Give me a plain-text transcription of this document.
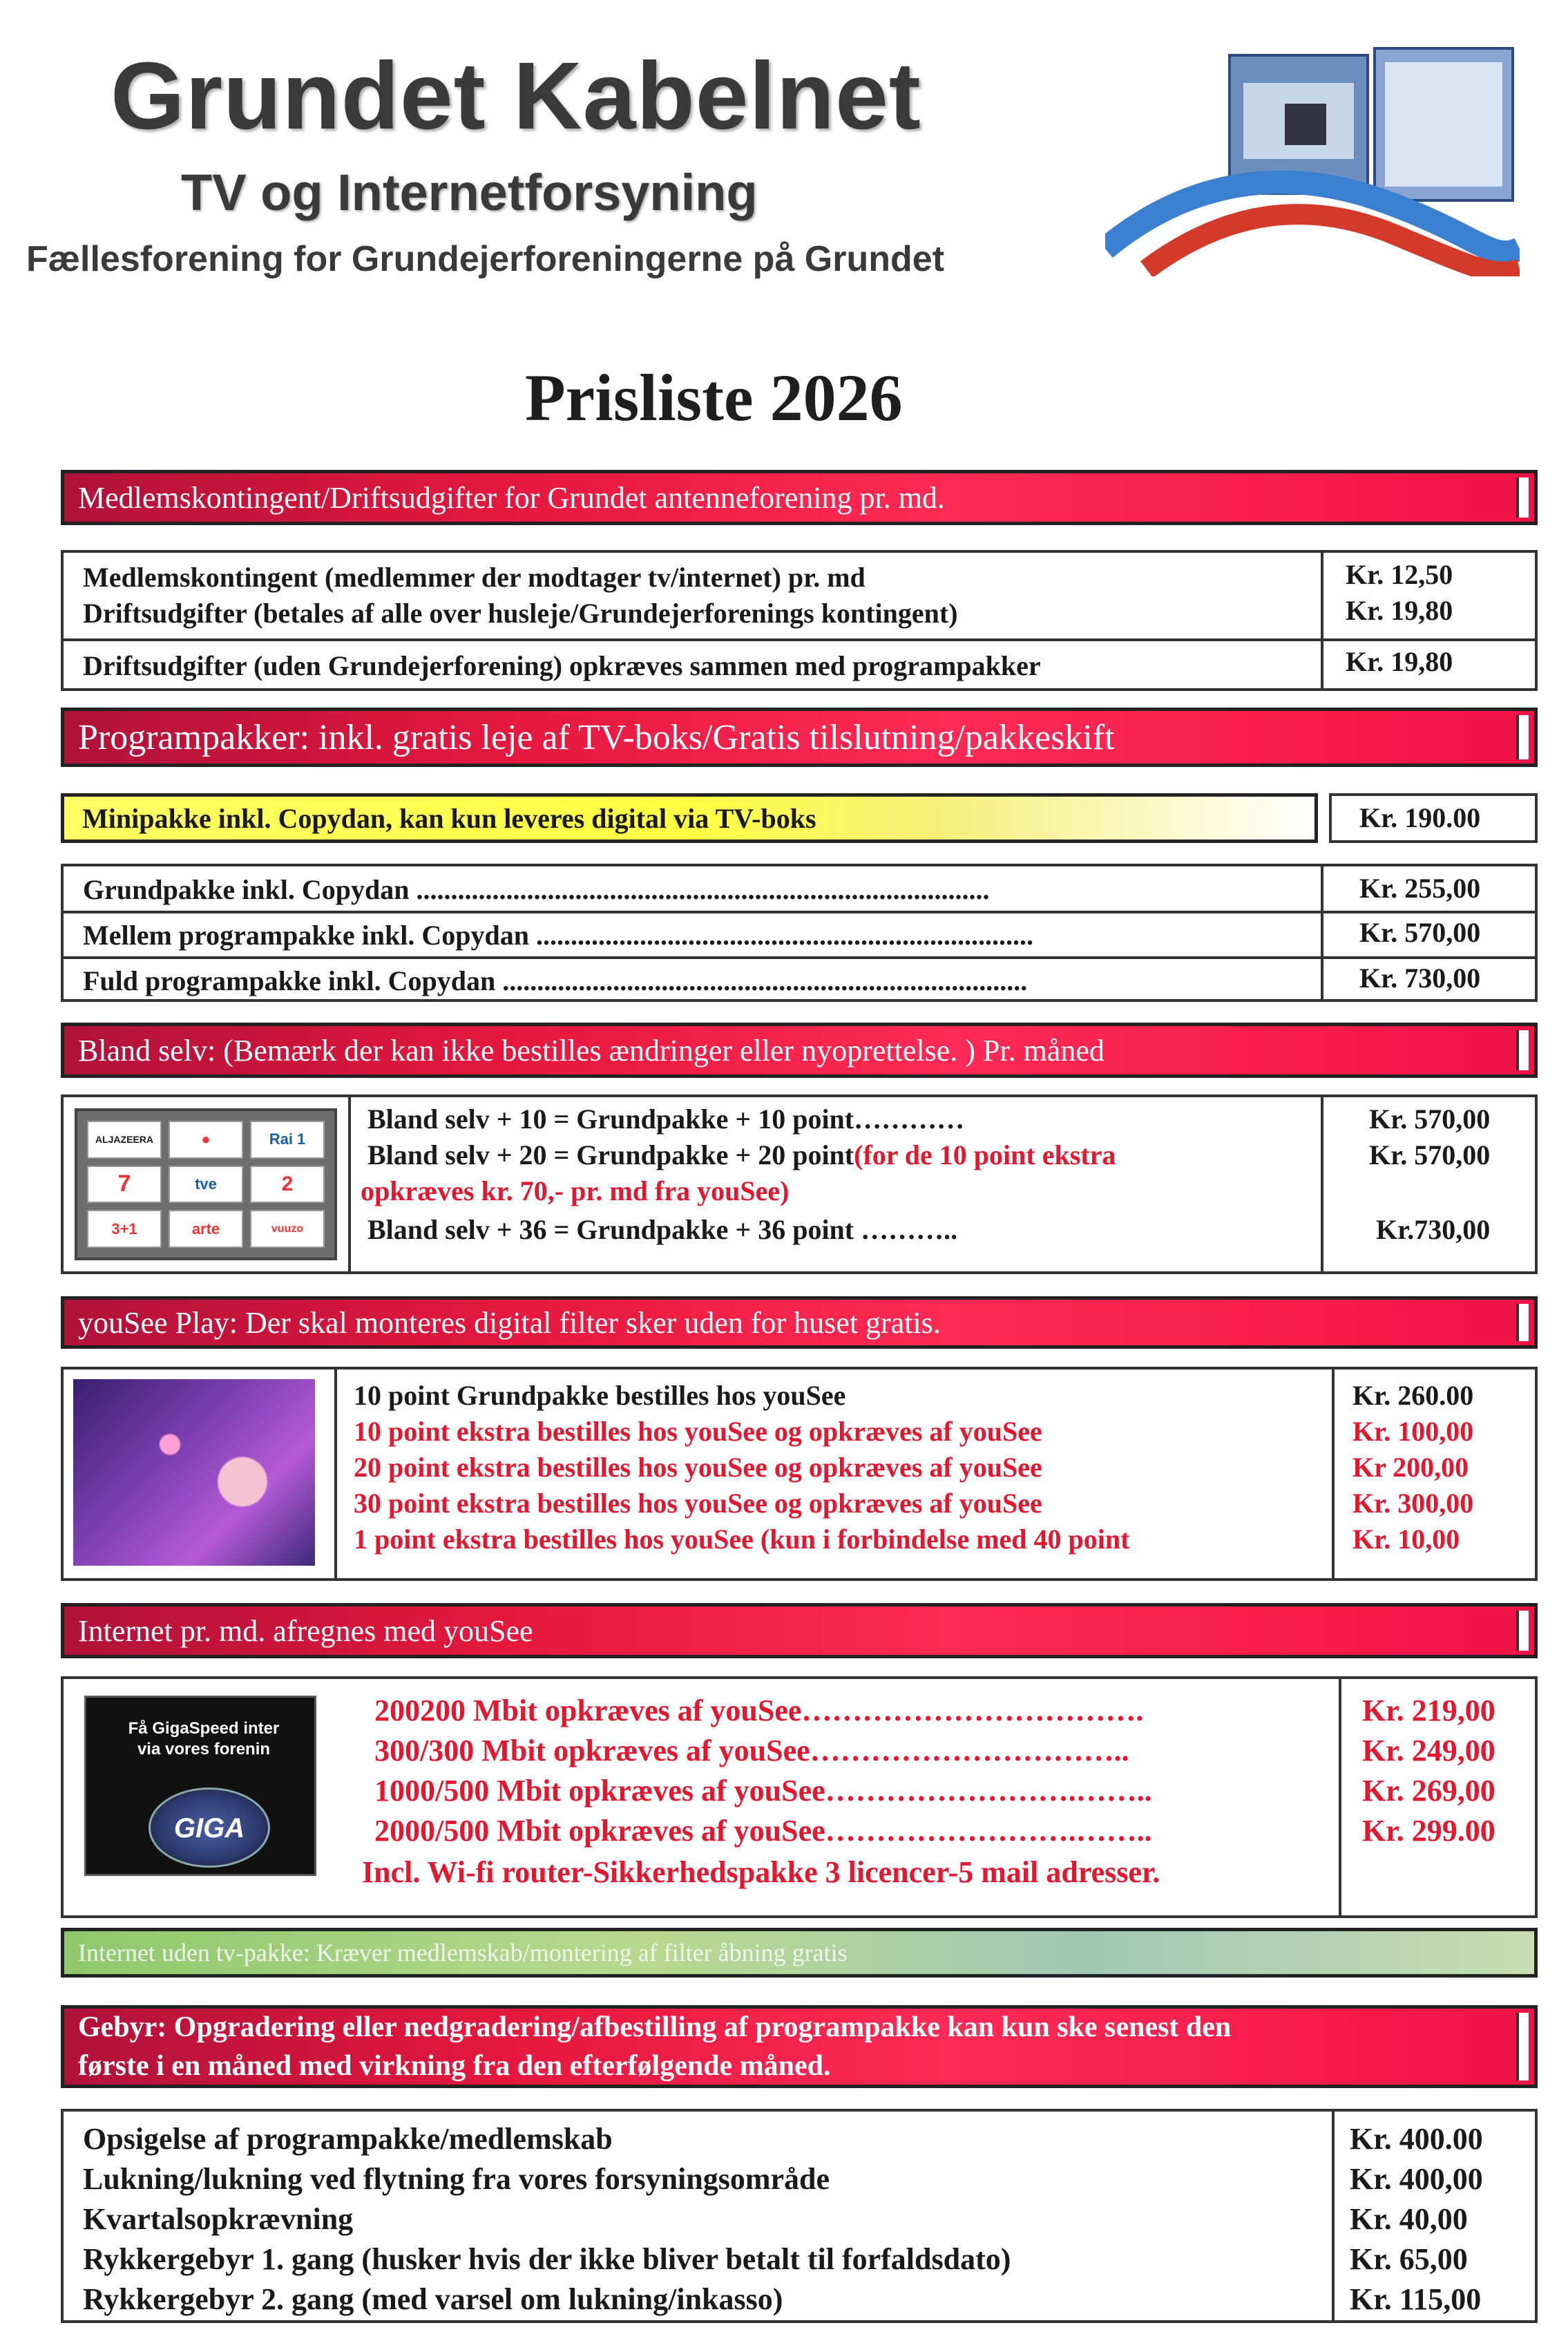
Grundet Kabelnet
TV og Internetforsyning
Fællesforening for Grundejerforeningerne på Grundet
Prisliste 2026
Medlemskontingent/Driftsudgifter for Grundet antenneforening pr. md.
Medlemskontingent (medlemmer der modtager tv/internet) pr. md	Kr. 12,50
Driftsudgifter (betales af alle over husleje/Grundejerforenings kontingent)	Kr. 19,80
Driftsudgifter (uden Grundejerforening) opkræves sammen med programpakker	Kr. 19,80
Programpakker: inkl. gratis leje af TV-boks/Gratis tilslutning/pakkeskift
Minipakke inkl. Copydan, kan kun leveres digital via TV-boks	Kr. 190.00
Grundpakke inkl. Copydan ...................................................................................	Kr. 255,00
Mellem programpakke inkl. Copydan ........................................................................	Kr. 570,00
Fuld programpakke inkl. Copydan ............................................................................	Kr. 730,00
Bland selv: (Bemærk der kan ikke bestilles ændringer eller nyoprettelse. ) Pr. måned
ALJAZEERA	●	Rai 1
7	tve	2
3+1	arte	vuuzo
Bland selv + 10 = Grundpakke + 10 point…………	Kr. 570,00
Bland selv + 20 = Grundpakke + 20 point(for de 10 point ekstra	Kr. 570,00
opkræves kr. 70,- pr. md fra youSee)
Bland selv + 36 = Grundpakke + 36 point ………..	Kr.730,00
youSee Play: Der skal monteres digital filter sker uden for huset gratis.
10 point Grundpakke bestilles hos youSee	Kr. 260.00
10 point ekstra bestilles hos youSee og opkræves af youSee	Kr. 100,00
20 point ekstra bestilles hos youSee og opkræves af youSee	Kr 200,00
30 point ekstra bestilles hos youSee og opkræves af youSee	Kr. 300,00
1 point ekstra bestilles hos youSee (kun i forbindelse med 40 point	Kr. 10,00
Internet pr. md. afregnes med youSee
Få GigaSpeed inter
via vores forenin
GIGA
200200 Mbit opkræves af youSee…………………………….	Kr. 219,00
300/300 Mbit opkræves af youSee…………………………..	Kr. 249,00
1000/500 Mbit opkræves af youSee…………………….……..	Kr. 269,00
2000/500 Mbit opkræves af youSee…………………….……..	Kr. 299.00
Incl. Wi-fi router-Sikkerhedspakke 3 licencer-5 mail adresser.
Internet uden tv-pakke: Kræver medlemskab/montering af filter åbning gratis
Gebyr: Opgradering eller nedgradering/afbestilling af programpakke kan kun ske senest den
første i en måned med virkning fra den efterfølgende måned.
Opsigelse af programpakke/medlemskab	Kr. 400.00
Lukning/lukning ved flytning fra vores forsyningsområde	Kr. 400,00
Kvartalsopkrævning	Kr. 40,00
Rykkergebyr 1. gang (husker hvis der ikke bliver betalt til forfaldsdato)	Kr. 65,00
Rykkergebyr 2. gang (med varsel om lukning/inkasso)	Kr. 115,00
